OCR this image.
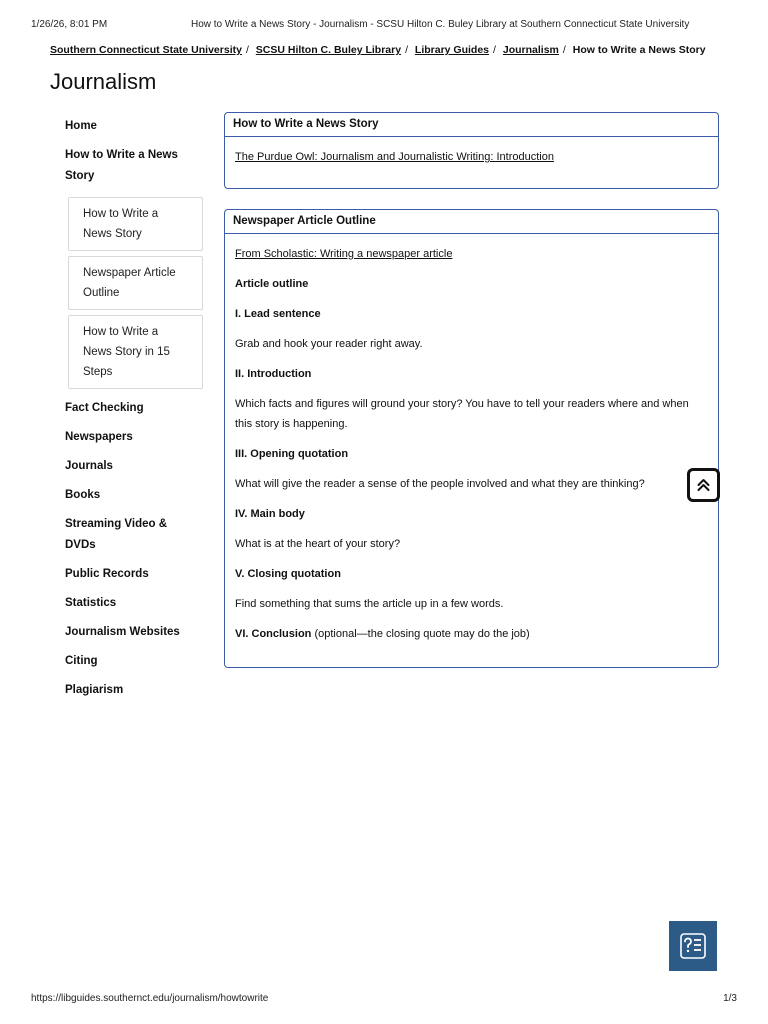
1/26/26, 8:01 PM	How to Write a News Story - Journalism - SCSU Hilton C. Buley Library at Southern Connecticut State University
Southern Connecticut State University / SCSU Hilton C. Buley Library / Library Guides / Journalism / How to Write a News Story
Journalism
Home
How to Write a News Story
How to Write a News Story
Newspaper Article Outline
How to Write a News Story in 15 Steps
Fact Checking
Newspapers
Journals
Books
Streaming Video & DVDs
Public Records
Statistics
Journalism Websites
Citing
Plagiarism
How to Write a News Story

The Purdue Owl: Journalism and Journalistic Writing: Introduction

Newspaper Article Outline

From Scholastic: Writing a newspaper article

Article outline

I. Lead sentence

Grab and hook your reader right away.

II. Introduction

Which facts and figures will ground your story? You have to tell your readers where and when this story is happening.

III. Opening quotation

What will give the reader a sense of the people involved and what they are thinking?

IV. Main body

What is at the heart of your story?

V. Closing quotation

Find something that sums the article up in a few words.

VI. Conclusion (optional—the closing quote may do the job)

https://libguides.southernct.edu/journalism/howtowrite	1/3
